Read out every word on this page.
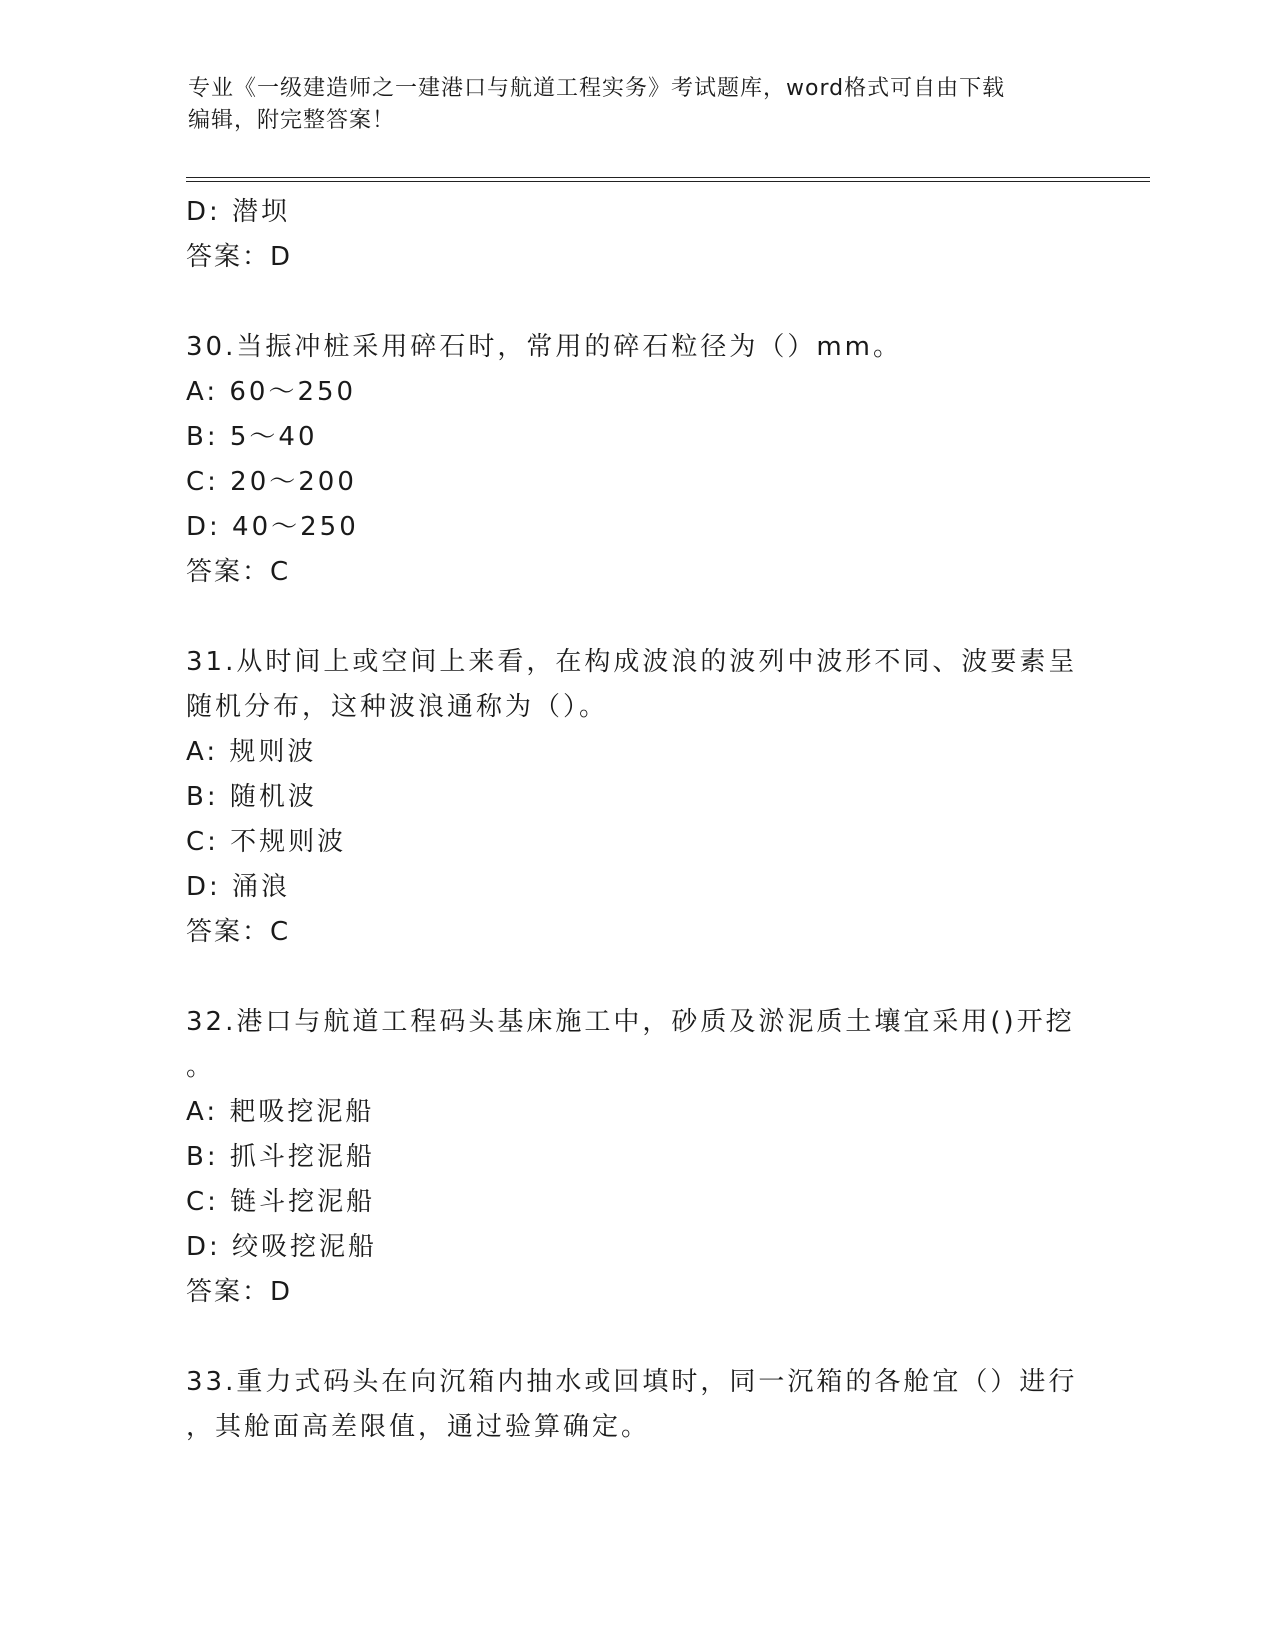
专业《一级建造师之一建港口与航道工程实务》考试题库，word格式可自由下载
编辑，附完整答案！
D: 潜坝
答案：D
30.当振冲桩采用碎石时，常用的碎石粒径为（）mm。
A: 60～250
B: 5～40
C: 20～200
D: 40～250
答案：C
31.从时间上或空间上来看，在构成波浪的波列中波形不同、波要素呈
随机分布，这种波浪通称为（）。
A: 规则波
B: 随机波
C: 不规则波
D: 涌浪
答案：C
32.港口与航道工程码头基床施工中，砂质及淤泥质土壤宜采用()开挖
。
A: 耙吸挖泥船
B: 抓斗挖泥船
C: 链斗挖泥船
D: 绞吸挖泥船
答案：D
33.重力式码头在向沉箱内抽水或回填时，同一沉箱的各舱宜（）进行
，其舱面高差限值，通过验算确定。
